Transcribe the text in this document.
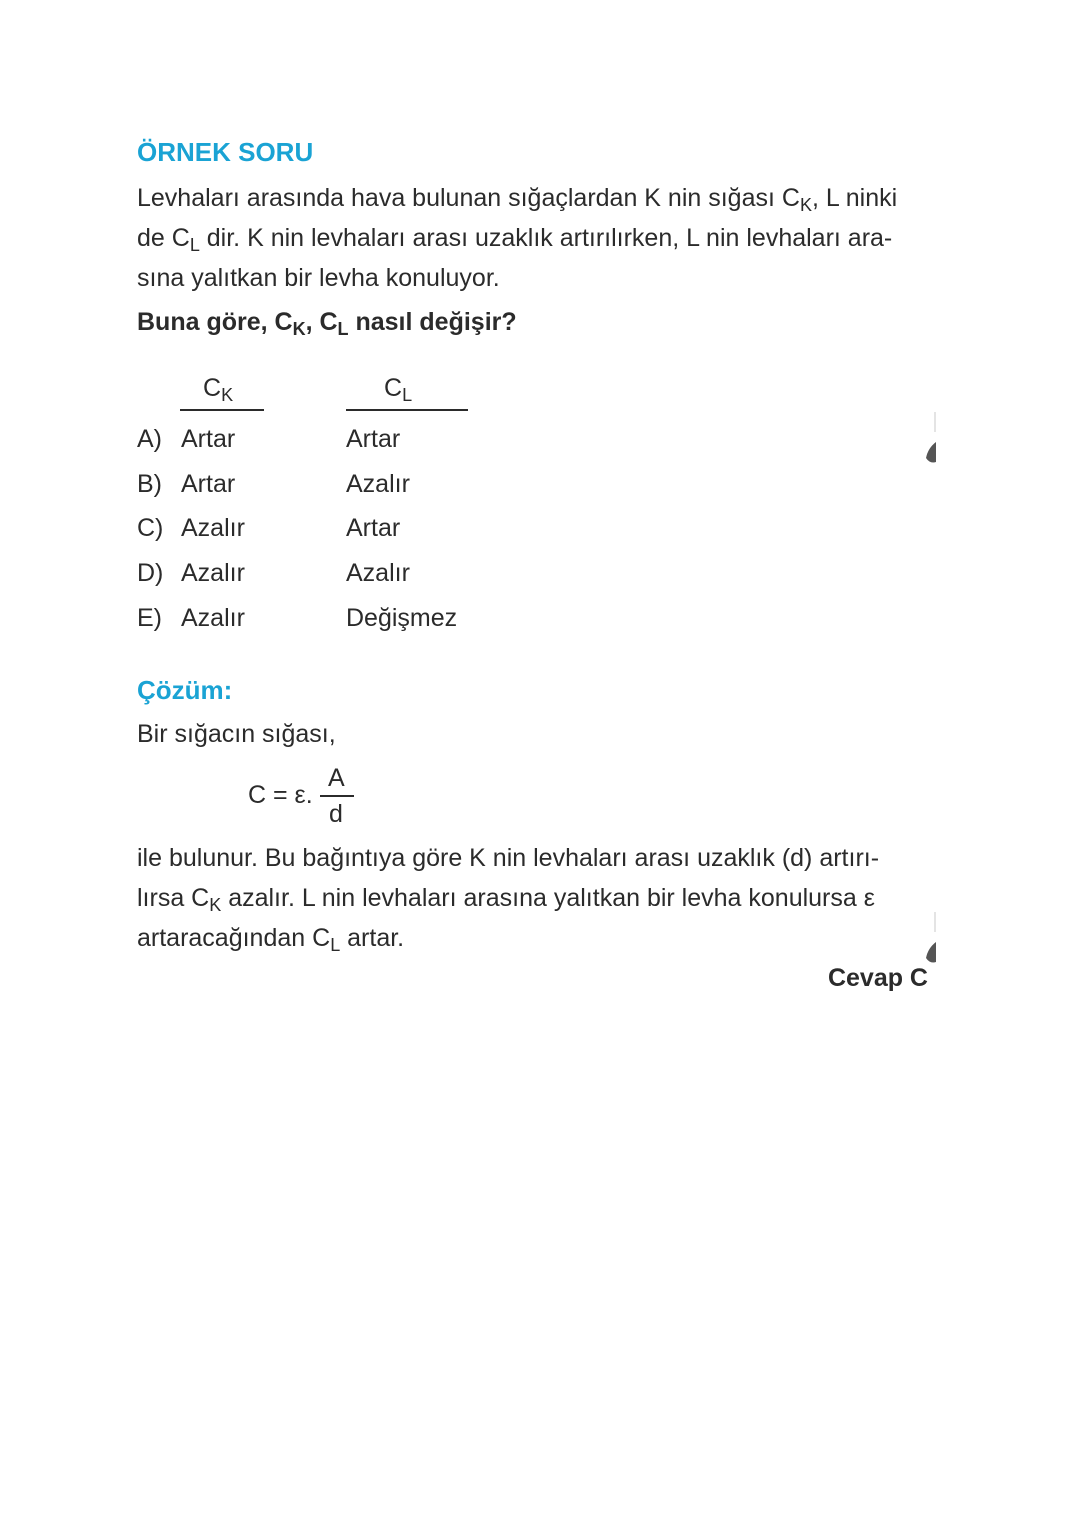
ÖRNEK SORU
Levhaları arasında hava bulunan sığaçlardan K nin sığası $C_K$, L ninki
de $C_L$ dir. K nin levhaları arası uzaklık artırılırken, L nin levhaları ara-
sına yalıtkan bir levha konuluyor.
Buna göre, $C_K$, $C_L$ nasıl değişir?
$C_K$	$C_L$
A) Artar	Artar
B) Artar	Azalır
C) Azalır	Artar
D) Azalır	Azalır
E) Azalır	Değişmez
Çözüm:
Bir sığacın sığası,
C = ε.
A
d
ile bulunur. Bu bağıntıya göre K nin levhaları arası uzaklık (d) artırı-
lırsa $C_K$ azalır. L nin levhaları arasına yalıtkan bir levha konulursa ε
artaracağından $C_L$ artar.
Cevap C
